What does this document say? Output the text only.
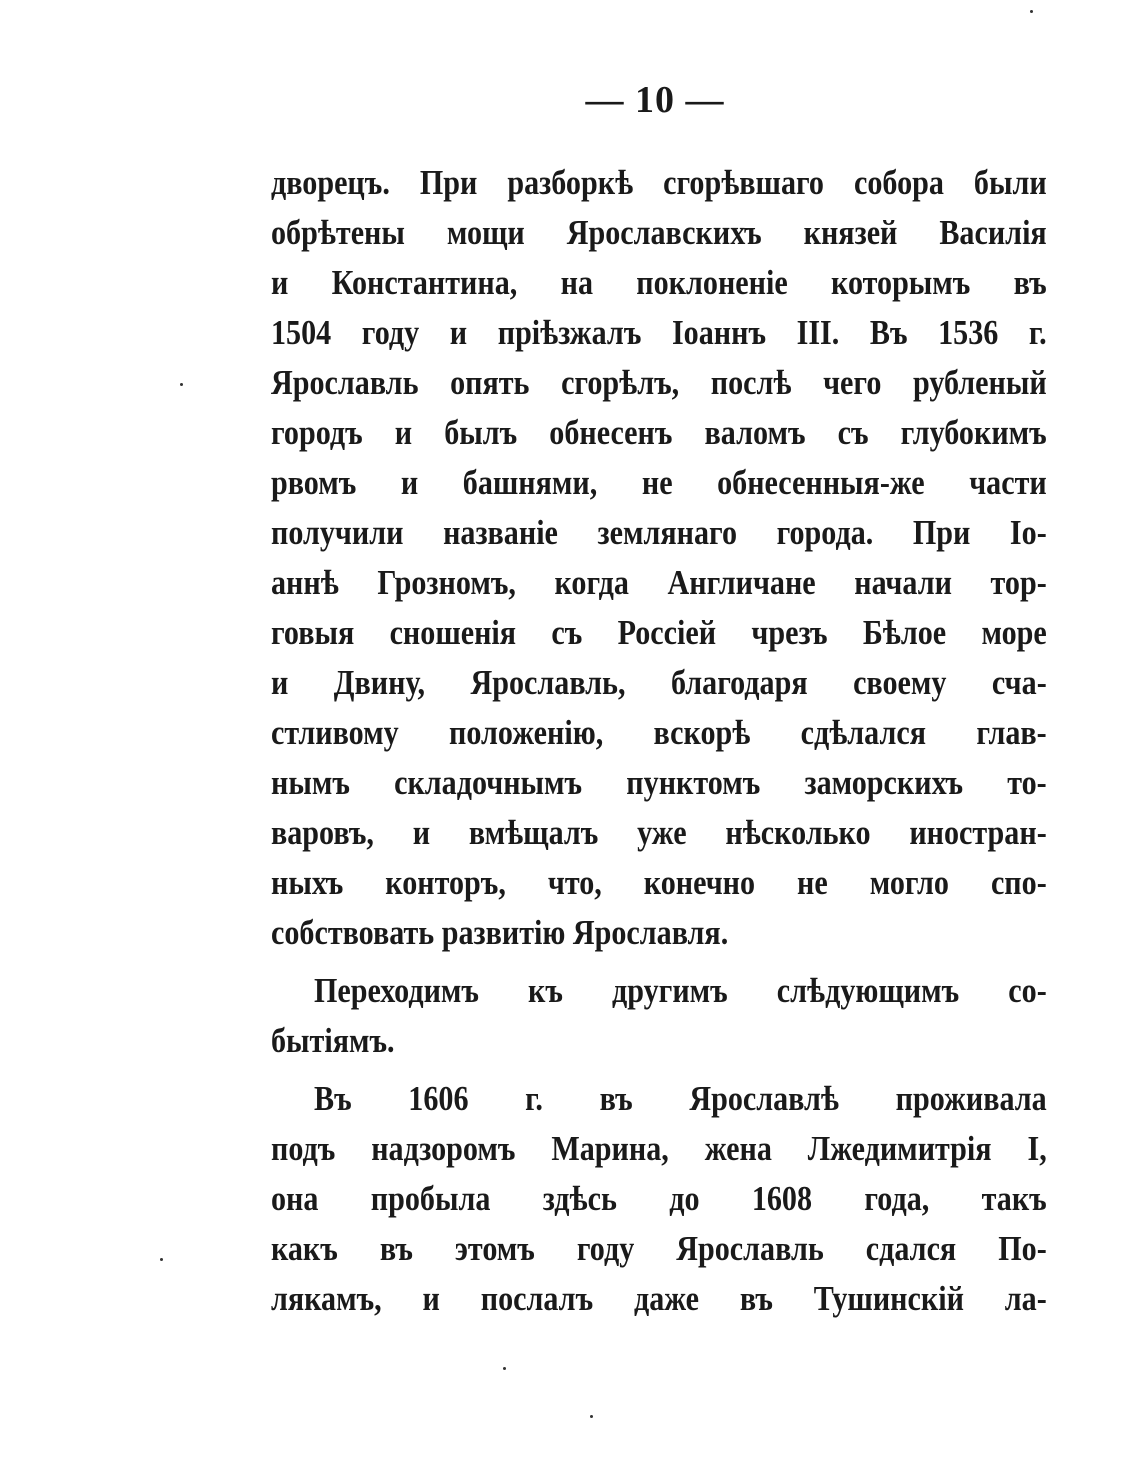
— 10 —
дворецъ. При разборкѣ сгорѣвшаго собора были
обрѣтены мощи Ярославскихъ князей Василія
и Константина, на поклоненіе которымъ въ
1504 году и пріѣзжалъ Іоаннъ III. Въ 1536 г.
Ярославль опять сгорѣлъ, послѣ чего рубленый
городъ и былъ обнесенъ валомъ съ глубокимъ
рвомъ и башнями, не обнесенныя-же части
получили названіе землянаго города. При Іо-
аннѣ Грозномъ, когда Англичане начали тор-
говыя сношенія съ Россіей чрезъ Бѣлое море
и Двину, Ярославль, благодаря своему сча-
стливому положенію, вскорѣ сдѣлался глав-
нымъ складочнымъ пунктомъ заморскихъ то-
варовъ, и вмѣщалъ уже нѣсколько иностран-
ныхъ конторъ, что, конечно не могло спо-
собствовать развитію Ярославля.
Переходимъ къ другимъ слѣдующимъ со-
бытіямъ.
Въ 1606 г. въ Ярославлѣ проживала
подъ надзоромъ Марина, жена Лжедимитрія I,
она пробыла здѣсь до 1608 года, такъ
какъ въ этомъ году Ярославль сдался По-
лякамъ, и послалъ даже въ Тушинскій ла-
